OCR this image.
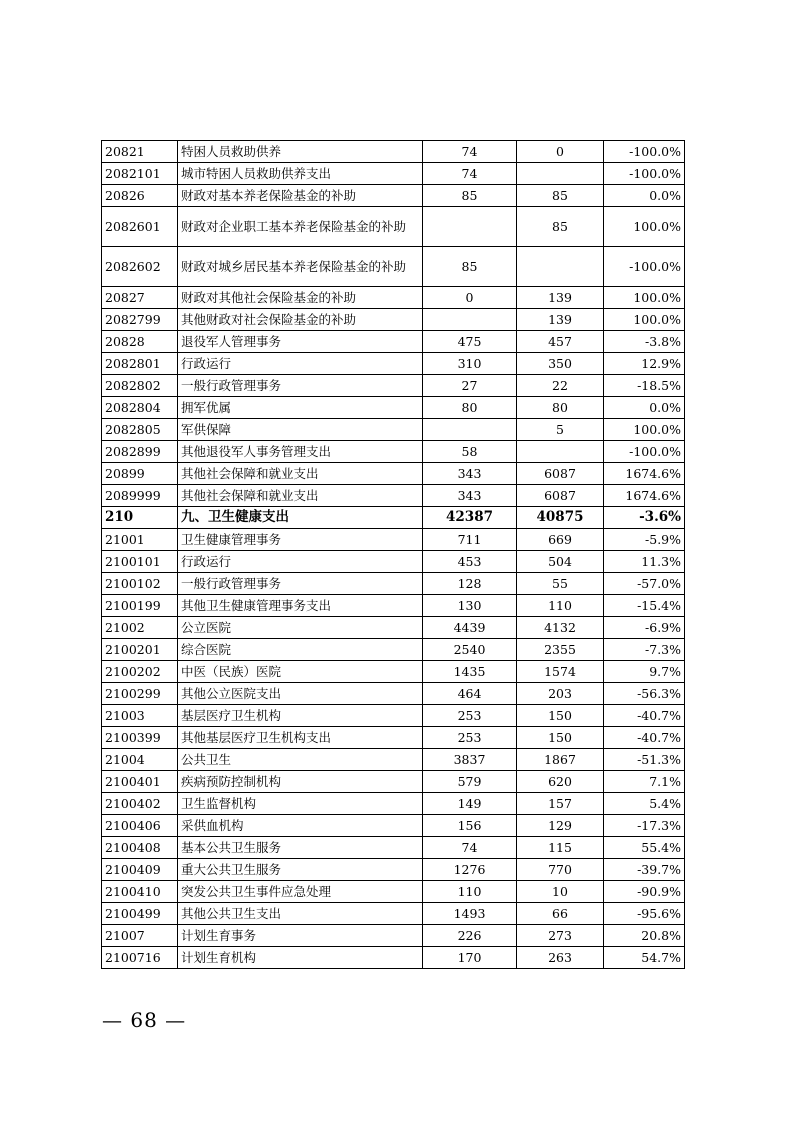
20821	特困人员救助供养	74	0	-100.0%
2082101	城市特困人员救助供养支出	74		-100.0%
20826	财政对基本养老保险基金的补助	85	85	0.0%
2082601	财政对企业职工基本养老保险基金的补助		85	100.0%
2082602	财政对城乡居民基本养老保险基金的补助	85		-100.0%
20827	财政对其他社会保险基金的补助	0	139	100.0%
2082799	其他财政对社会保险基金的补助		139	100.0%
20828	退役军人管理事务	475	457	-3.8%
2082801	行政运行	310	350	12.9%
2082802	一般行政管理事务	27	22	-18.5%
2082804	拥军优属	80	80	0.0%
2082805	军供保障		5	100.0%
2082899	其他退役军人事务管理支出	58		-100.0%
20899	其他社会保障和就业支出	343	6087	1674.6%
2089999	其他社会保障和就业支出	343	6087	1674.6%
210	九、卫生健康支出	42387	40875	-3.6%
21001	卫生健康管理事务	711	669	-5.9%
2100101	行政运行	453	504	11.3%
2100102	一般行政管理事务	128	55	-57.0%
2100199	其他卫生健康管理事务支出	130	110	-15.4%
21002	公立医院	4439	4132	-6.9%
2100201	综合医院	2540	2355	-7.3%
2100202	中医（民族）医院	1435	1574	9.7%
2100299	其他公立医院支出	464	203	-56.3%
21003	基层医疗卫生机构	253	150	-40.7%
2100399	其他基层医疗卫生机构支出	253	150	-40.7%
21004	公共卫生	3837	1867	-51.3%
2100401	疾病预防控制机构	579	620	7.1%
2100402	卫生监督机构	149	157	5.4%
2100406	采供血机构	156	129	-17.3%
2100408	基本公共卫生服务	74	115	55.4%
2100409	重大公共卫生服务	1276	770	-39.7%
2100410	突发公共卫生事件应急处理	110	10	-90.9%
2100499	其他公共卫生支出	1493	66	-95.6%
21007	计划生育事务	226	273	20.8%
2100716	计划生育机构	170	263	54.7%
— 68 —
